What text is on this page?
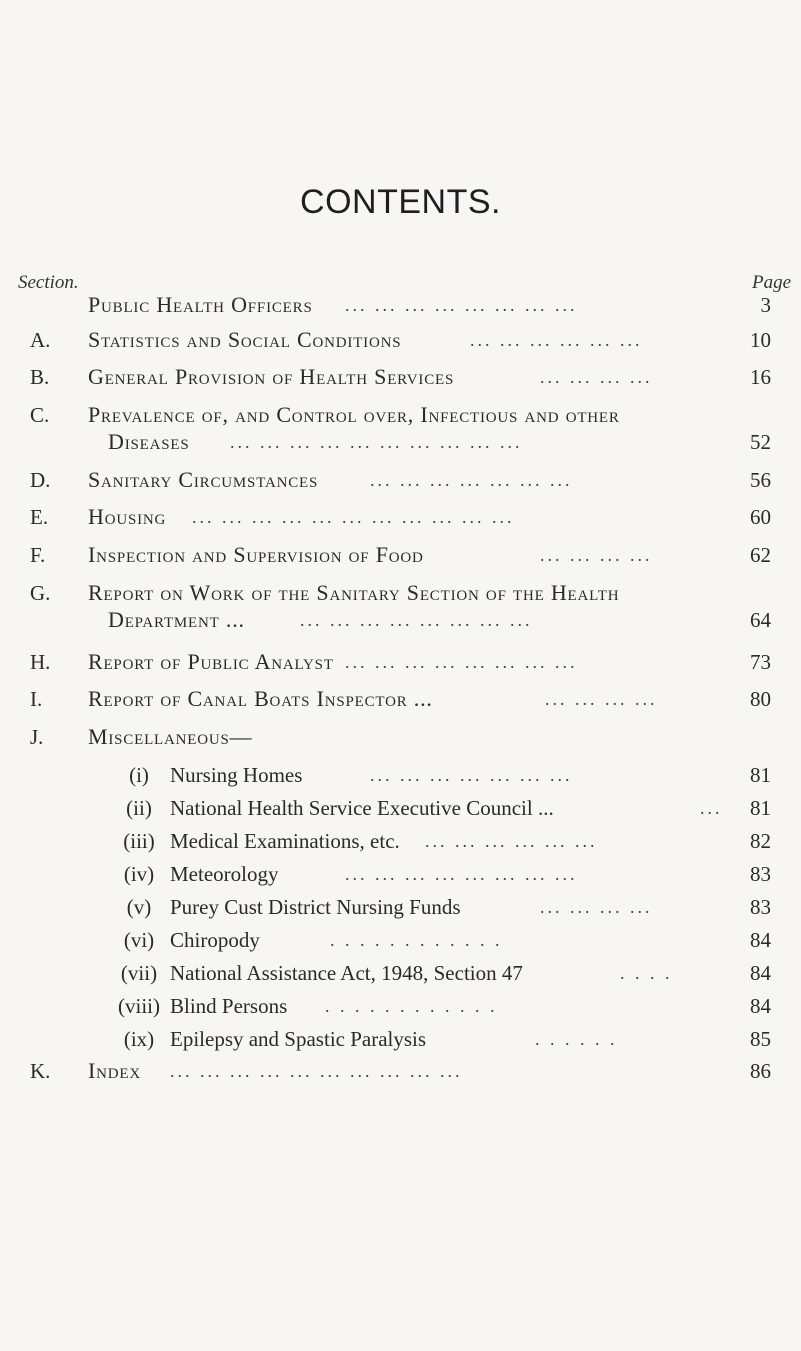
CONTENTS.
Section.	Page
Public Health Officers ... ... ... ... ... ... ... ...	3
A. Statistics and Social Conditions	... ... ... ... ... ...	10
B. General Provision of Health Services	... ... ... ...	16
C. Prevalence of, and Control over, Infectious and other
Diseases ... ... ... ... ... ... ... ... ... ...	52
D. Sanitary Circumstances	... ... ... ... ... ... ...	56
E. Housing ... ... ... ... ... ... ... ... ... ... ...	60
F. Inspection and Supervision of Food	... ... ... ...	62
G. Report on Work of the Sanitary Section of the Health
Department ...	... ... ... ... ... ... ... ...	64
H. Report of Public Analyst ... ... ... ... ... ... ... ...	73
I. Report of Canal Boats Inspector ...	... ... ... ...	80
J. Miscellaneous—
(i)	Nursing Homes	... ... ... ... ... ... ...	81
(ii) National Health Service Executive Council ...	...	81
(iii) Medical Examinations, etc. ... ... ... ... ... ...	82
(iv) Meteorology	... ... ... ... ... ... ... ...	83
(v) Purey Cust District Nursing Funds	... ... ... ...	83
(vi) Chiropody	. . . . . . . . . . . .	84
(vii) National Assistance Act, 1948, Section 47	. . . .	84
(viii) Blind Persons . . . . . . . . . . . .	84
(ix) Epilepsy and Spastic Paralysis	. . . . . .	85
K. Index ... ... ... ... ... ... ... ... ... ...	86
